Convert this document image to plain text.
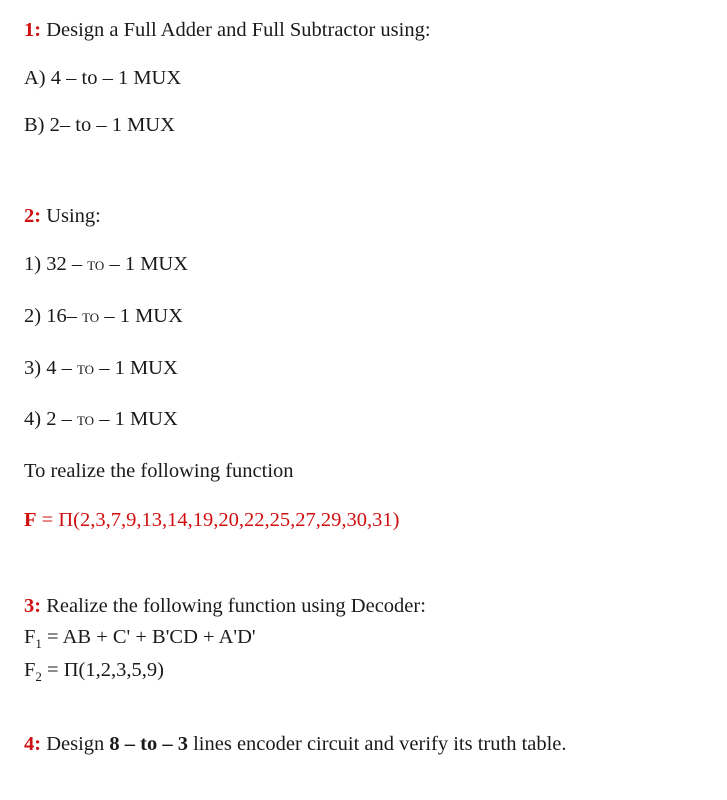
1: Design a Full Adder and Full Subtractor using:
A) 4 – to – 1 MUX
B) 2– to – 1 MUX
2: Using:
1) 32 – to – 1 MUX
2) 16– to – 1 MUX
3) 4 – to – 1 MUX
4) 2 – to – 1 MUX
To realize the following function
F = Π(2,3,7,9,13,14,19,20,22,25,27,29,30,31)
3: Realize the following function using Decoder:
$F_1$ = AB + C' + B'CD + A'D'
$F_2 = \Pi(1,2,3,5,9)$
4: Design 8 – to – 3 lines encoder circuit and verify its truth table.
